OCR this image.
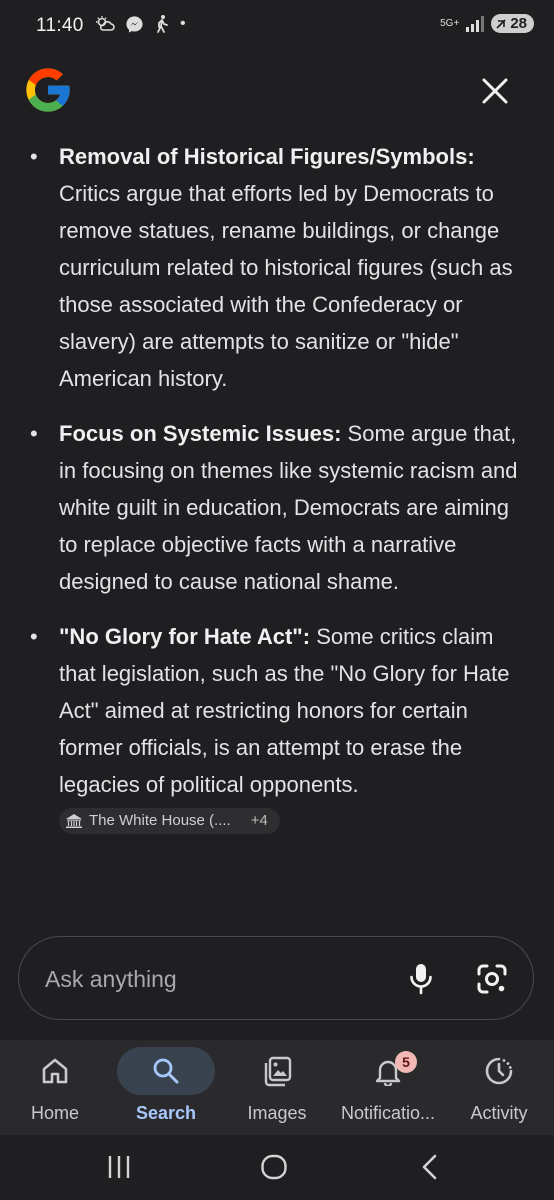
11:40	•	5G+	28
• Removal of Historical Figures/Symbols: Critics argue that efforts led by Democrats to remove statues, rename buildings, or change curriculum related to historical figures (such as those associated with the Confederacy or slavery) are attempts to sanitize or "hide" American history.
• Focus on Systemic Issues: Some argue that, in focusing on themes like systemic racism and white guilt in education, Democrats are aiming to replace objective facts with a narrative designed to cause national shame.
• "No Glory for Hate Act": Some critics claim that legislation, such as the "No Glory for Hate Act" aimed at restricting honors for certain former officials, is an attempt to erase the legacies of political opponents.
The White House (.... +4
Ask anything
Home	Search	Images
5
Notificatio...	Activity
